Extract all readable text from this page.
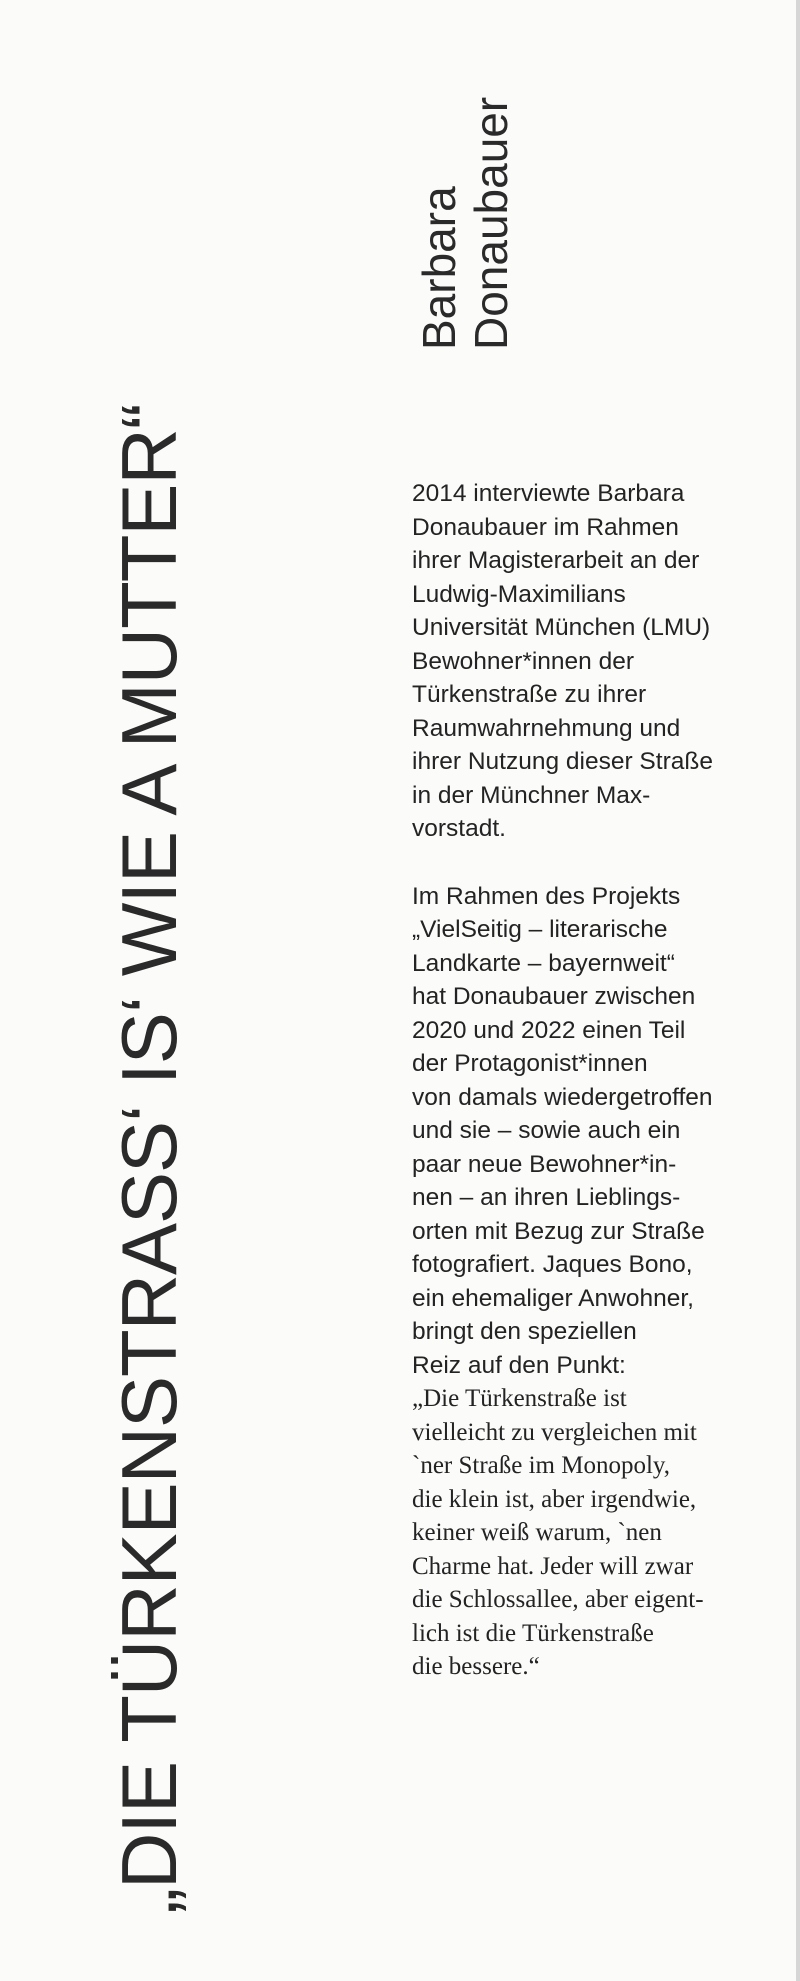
„DIE TÜRKENSTRASS‘ IS‘ WIE A MUTTER“
Barbara Donaubauer

2014 interviewte Barbara
Donaubauer im Rahmen
ihrer Magisterarbeit an der
Ludwig-Maximilians
Universität München (LMU)
Bewohner*innen der
Türkenstraße zu ihrer
Raumwahrnehmung und
ihrer Nutzung dieser Straße
in der Münchner Max-
vorstadt.

Im Rahmen des Projekts
„VielSeitig – literarische
Landkarte – bayernweit“
hat Donaubauer zwischen
2020 und 2022 einen Teil
der Protagonist*innen
von damals wiedergetroffen
und sie – sowie auch ein
paar neue Bewohner*in-
nen – an ihren Lieblings-
orten mit Bezug zur Straße
fotografiert. Jaques Bono,
ein ehemaliger Anwohner,
bringt den speziellen
Reiz auf den Punkt:
„Die Türkenstraße ist
vielleicht zu vergleichen mit
`ner Straße im Monopoly,
die klein ist, aber irgendwie,
keiner weiß warum, `nen
Charme hat. Jeder will zwar
die Schlossallee, aber eigent-
lich ist die Türkenstraße
die bessere.“
